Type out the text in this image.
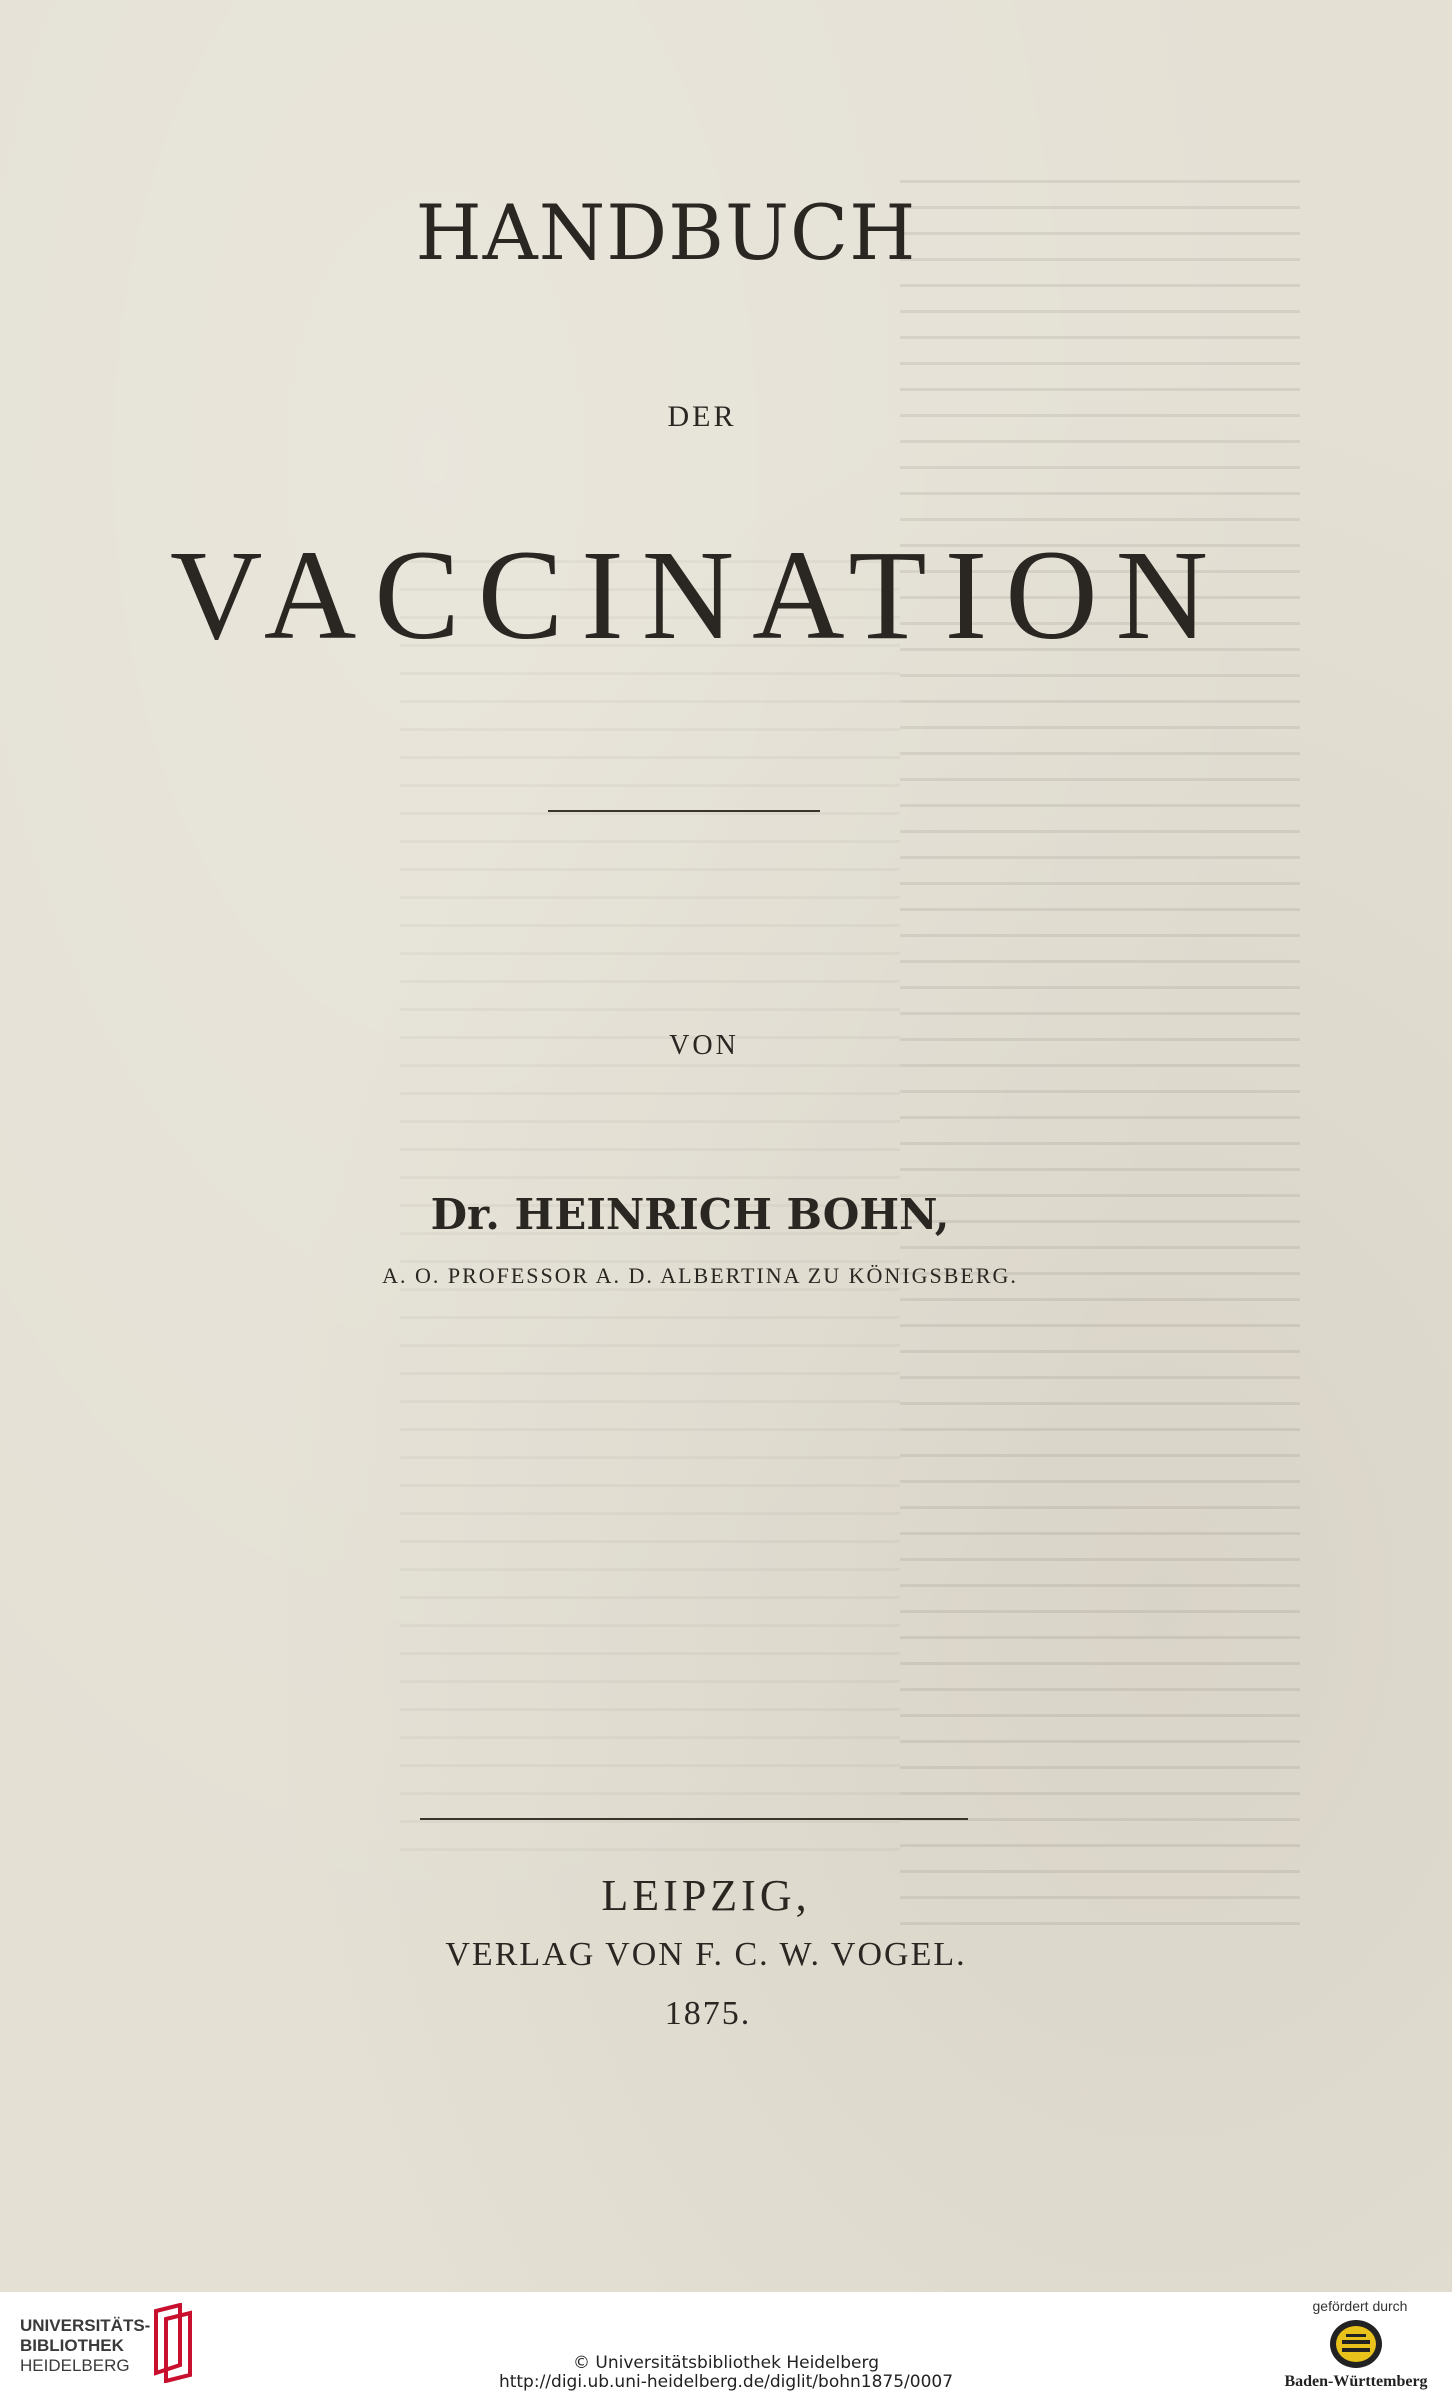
HANDBUCH
DER
VACCINATION
VON
Dr. HEINRICH BOHN,
A. O. PROFESSOR A. D. ALBERTINA ZU KÖNIGSBERG.
LEIPZIG,
VERLAG VON F. C. W. VOGEL.
1875.
UNIVERSITÄTS-
BIBLIOTHEK
HEIDELBERG	© Universitätsbibliothek Heidelberg
http://digi.ub.uni-heidelberg.de/diglit/bohn1875/0007
gefördert durch
Baden-Württemberg
